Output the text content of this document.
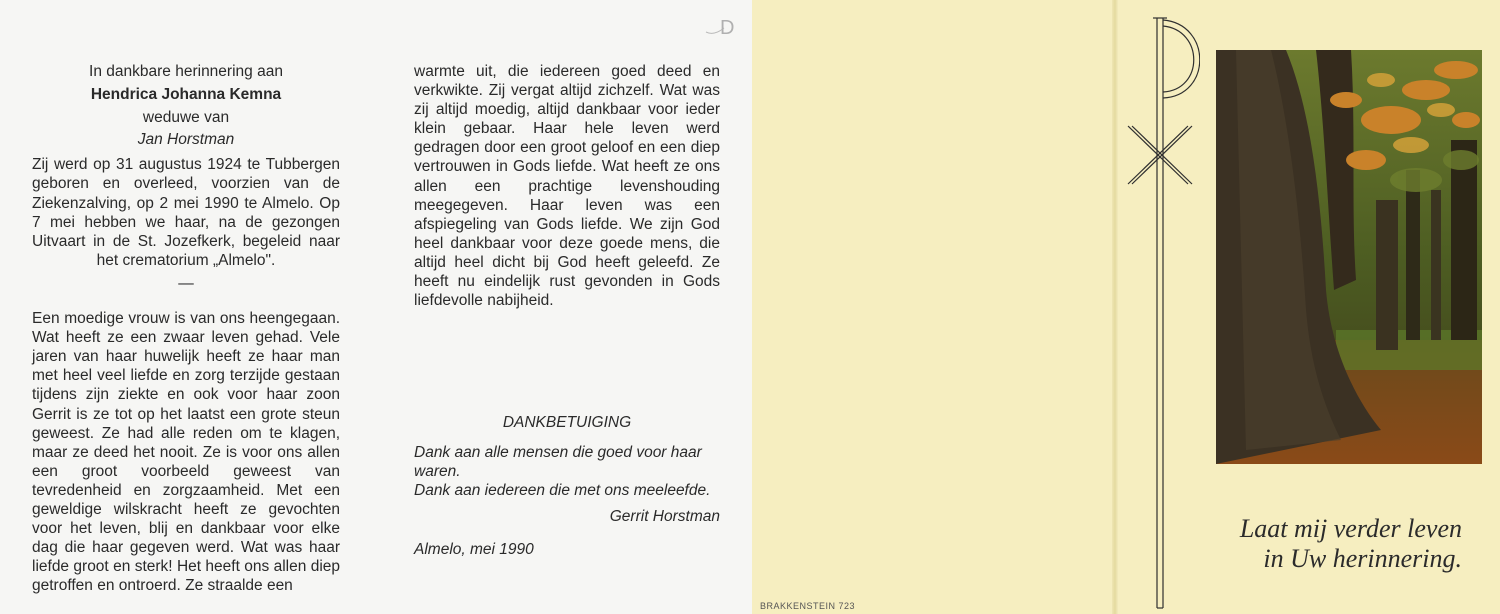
D

In dankbare herinnering aan

Hendrica Johanna Kemna

weduwe van

Jan Horstman

Zij werd op 31 augustus 1924 te Tubbergen geboren en overleed, voorzien van de Ziekenzalving, op 2 mei 1990 te Almelo. Op 7 mei hebben we haar, na de gezongen Uitvaart in de St. Jozefkerk, begeleid naar het crematorium „Almelo".

—

Een moedige vrouw is van ons heengegaan. Wat heeft ze een zwaar leven gehad. Vele jaren van haar huwelijk heeft ze haar man met heel veel liefde en zorg terzijde gestaan tijdens zijn ziekte en ook voor haar zoon Gerrit is ze tot op het laatst een grote steun geweest. Ze had alle reden om te klagen, maar ze deed het nooit. Ze is voor ons allen een groot voorbeeld geweest van tevredenheid en zorgzaamheid. Met een geweldige wilskracht heeft ze gevochten voor het leven, blij en dankbaar voor elke dag die haar gegeven werd. Wat was haar liefde groot en sterk! Het heeft ons allen diep getroffen en ontroerd. Ze straalde een

warmte uit, die iedereen goed deed en verkwikte. Zij vergat altijd zichzelf. Wat was zij altijd moedig, altijd dankbaar voor ieder klein gebaar. Haar hele leven werd gedragen door een groot geloof en een diep vertrouwen in Gods liefde. Wat heeft ze ons allen een prachtige levenshouding meegegeven. Haar leven was een afspiegeling van Gods liefde. We zijn God heel dankbaar voor deze goede mens, die altijd heel dicht bij God heeft geleefd. Ze heeft nu eindelijk rust gevonden in Gods liefdevolle nabijheid.

DANKBETUIGING
Dank aan alle mensen die goed voor haar waren.
Dank aan iedereen die met ons meeleefde.
Gerrit Horstman
Almelo, mei 1990
Laat mij verder leven
in Uw herinnering.
BRAKKENSTEIN 723
